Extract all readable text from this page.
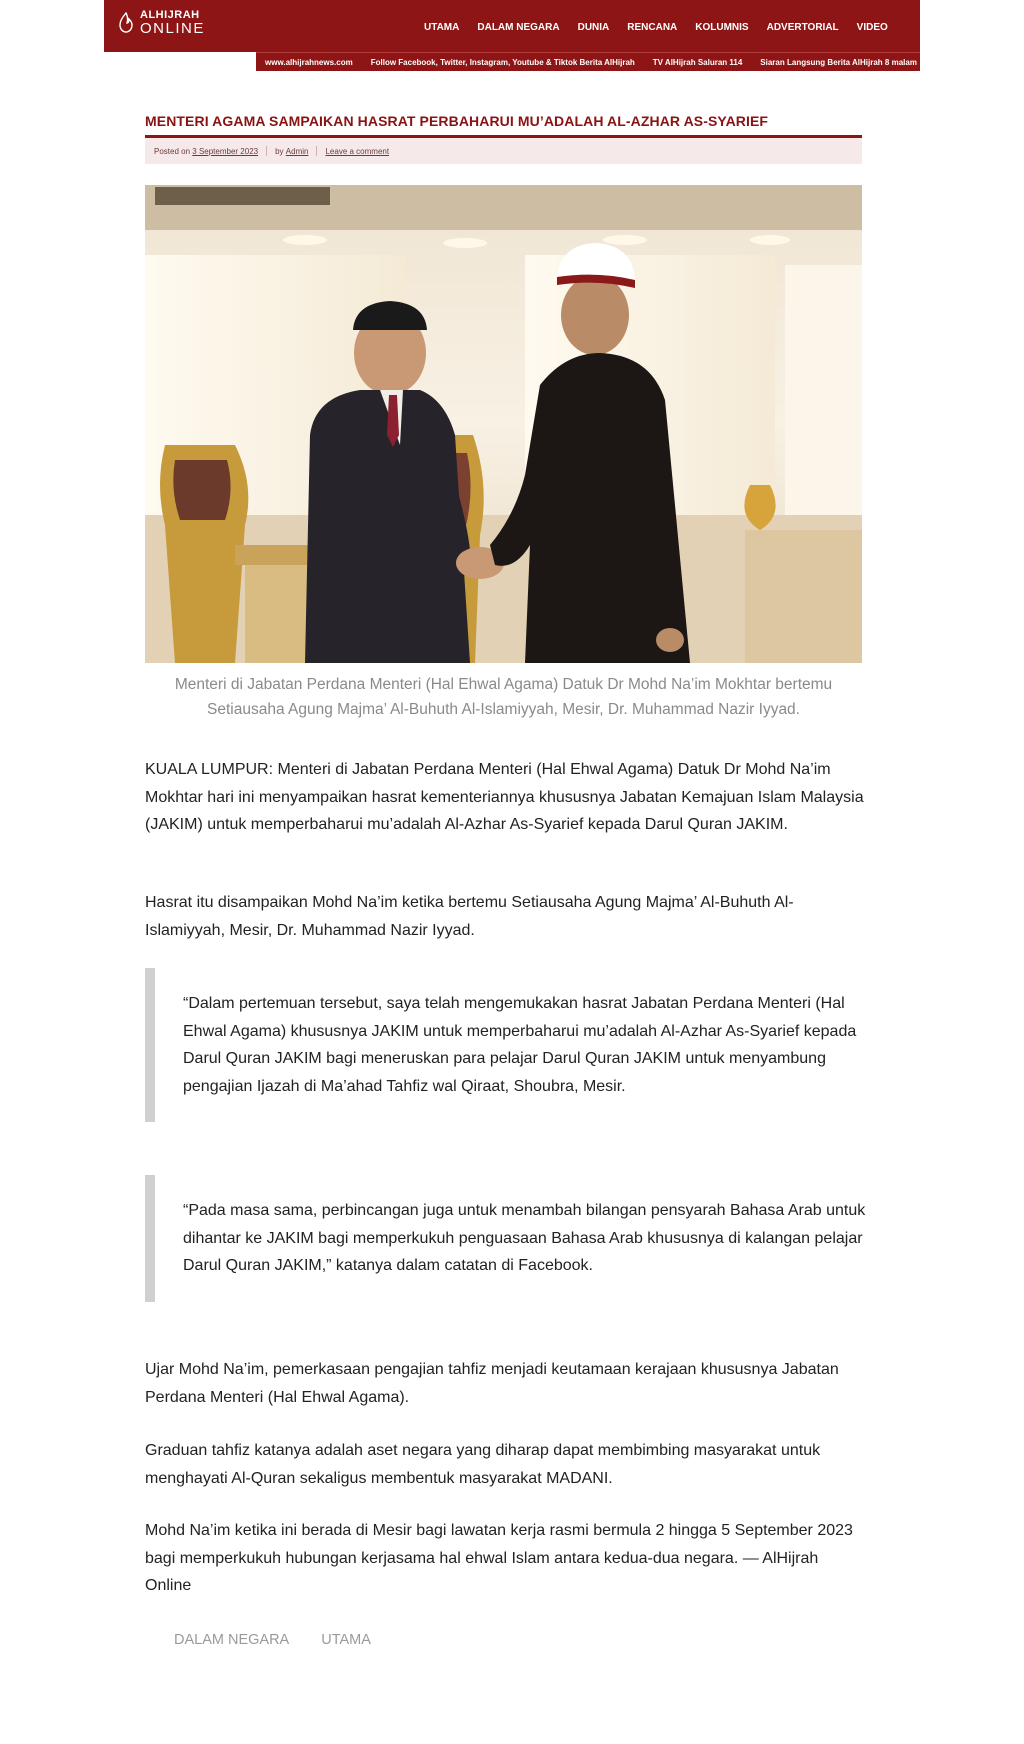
ALHIJRAH
ONLINE	UTAMA DALAM NEGARA DUNIA RENCANA KOLUMNIS ADVERTORIAL VIDEO
www.alhijrahnews.com Follow Facebook, Twitter, Instagram, Youtube & Tiktok Berita AlHijrah TV AlHijrah Saluran 114 Siaran Langsung Berita AlHijrah 8 malam
MENTERI AGAMA SAMPAIKAN HASRAT PERBAHARUI MU’ADALAH AL-AZHAR AS-SYARIEF
Posted on
3 September 2023 by
Admin Leave a comment
Menteri di Jabatan Perdana Menteri (Hal Ehwal Agama) Datuk Dr Mohd Na’im Mokhtar bertemu Setiausaha Agung Majma’ Al-Buhuth Al-Islamiyyah, Mesir, Dr. Muhammad Nazir Iyyad.

KUALA LUMPUR: Menteri di Jabatan Perdana Menteri (Hal Ehwal Agama) Datuk Dr Mohd Na’im Mokhtar hari ini menyampaikan hasrat kementeriannya khususnya Jabatan Kemajuan Islam Malaysia (JAKIM) untuk memperbaharui mu’adalah Al-Azhar As-Syarief kepada Darul Quran JAKIM.

Hasrat itu disampaikan Mohd Na’im ketika bertemu Setiausaha Agung Majma’ Al-Buhuth Al-Islamiyyah, Mesir, Dr. Muhammad Nazir Iyyad.

“Dalam pertemuan tersebut, saya telah mengemukakan hasrat Jabatan Perdana Menteri (Hal Ehwal Agama) khususnya JAKIM untuk memperbaharui mu’adalah Al-Azhar As-Syarief kepada Darul Quran JAKIM bagi meneruskan para pelajar Darul Quran JAKIM untuk menyambung pengajian Ijazah di Ma’ahad Tahfiz wal Qiraat, Shoubra, Mesir.
“Pada masa sama, perbincangan juga untuk menambah bilangan pensyarah Bahasa Arab untuk dihantar ke JAKIM bagi memperkukuh penguasaan Bahasa Arab khususnya di kalangan pelajar Darul Quran JAKIM,” katanya dalam catatan di Facebook.

Ujar Mohd Na’im, pemerkasaan pengajian tahfiz menjadi keutamaan kerajaan khususnya Jabatan Perdana Menteri (Hal Ehwal Agama).

Graduan tahfiz katanya adalah aset negara yang diharap dapat membimbing masyarakat untuk menghayati Al-Quran sekaligus membentuk masyarakat MADANI.

Mohd Na’im ketika ini berada di Mesir bagi lawatan kerja rasmi bermula 2 hingga 5 September 2023 bagi memperkukuh hubungan kerjasama hal ehwal Islam antara kedua-dua negara. — AlHijrah Online

DALAM NEGARA UTAMA
